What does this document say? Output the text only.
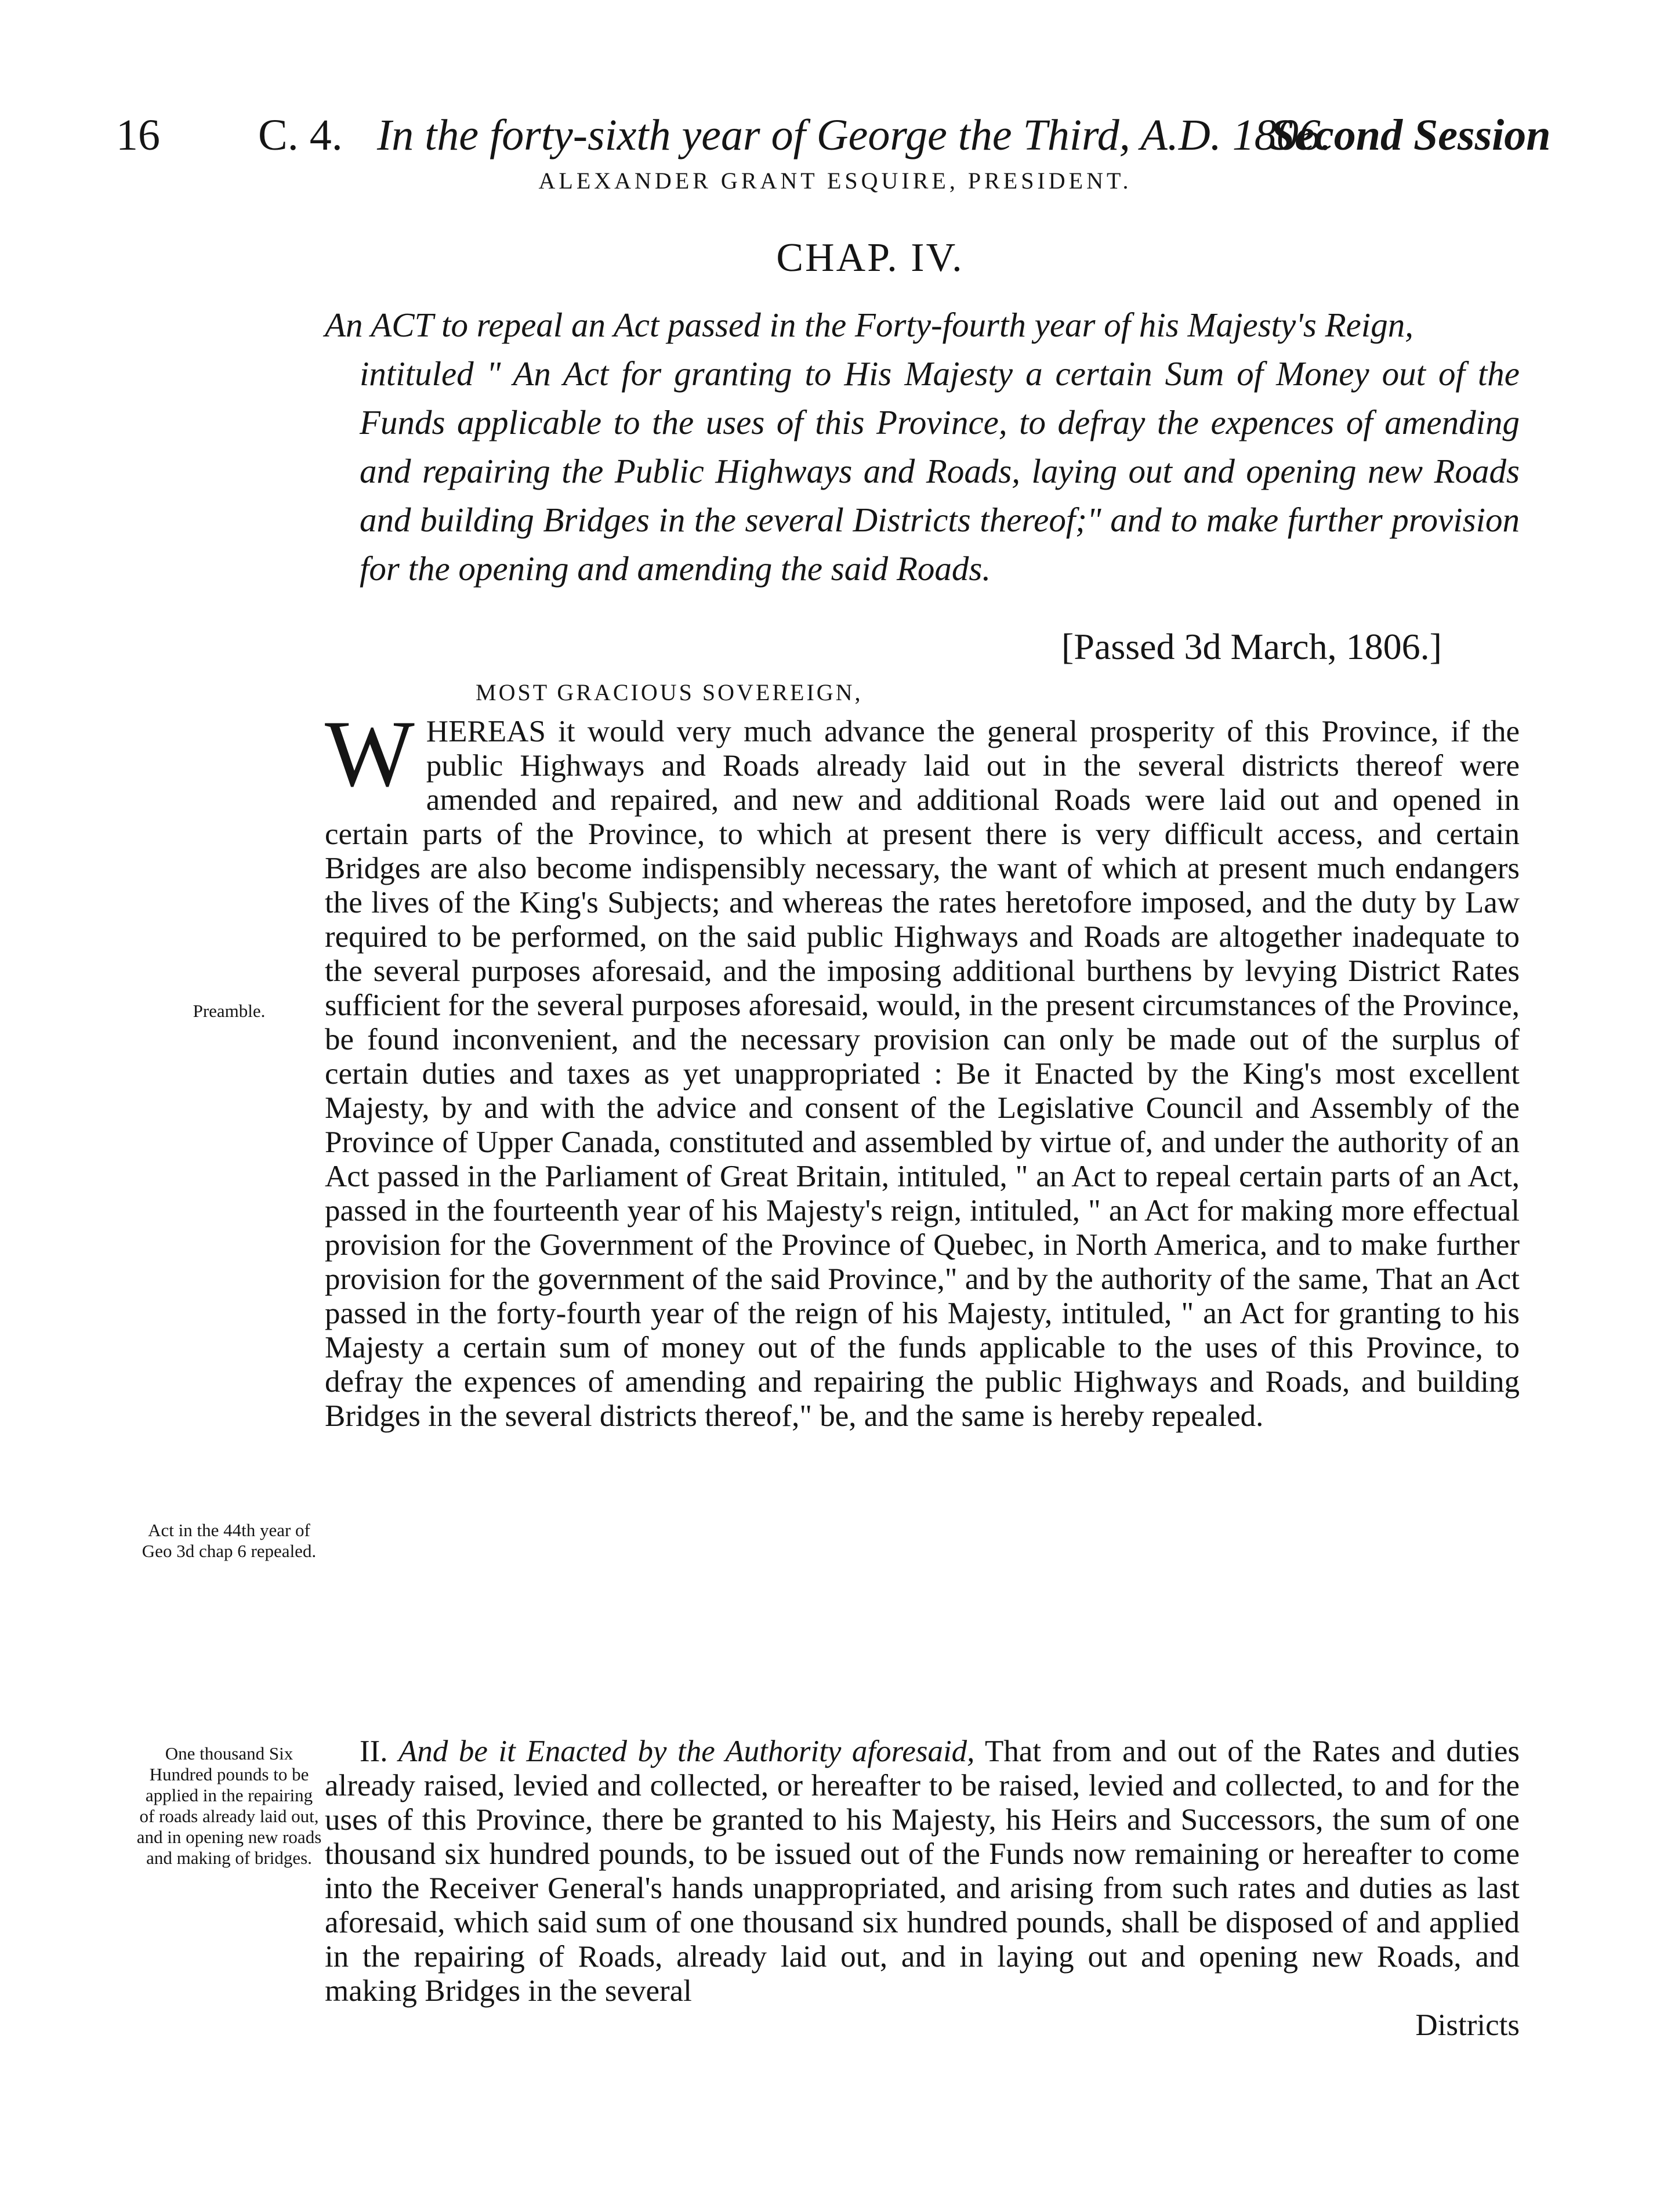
16 C. 4. In the forty-sixth year of George the Third, A.D. 1806.
Second Session
ALEXANDER GRANT ESQUIRE, PRESIDENT.
CHAP. IV.
An ACT to repeal an Act passed in the Forty-fourth year of his Majesty's Reign,
intituled " An Act for granting to His Majesty a certain Sum of Money out of the Funds applicable to the uses of this Province, to defray the expences of amending and repairing the Public Highways and Roads, laying out and opening new Roads and building Bridges in the several Districts thereof;" and to make further provision for the opening and amending the said Roads.
[Passed 3d March, 1806.]
MOST GRACIOUS SOVEREIGN,
WHEREAS it would very much advance the general prosperity of this Province, if the public Highways and Roads already laid out in the several districts thereof were amended and repaired, and new and additional Roads were laid out and opened in certain parts of the Province, to which at present there is very difficult access, and certain Bridges are also become indispensibly necessary, the want of which at present much endangers the lives of the King's Subjects; and whereas the rates heretofore imposed, and the duty by Law required to be performed, on the said public Highways and Roads are altogether inadequate to the several purposes aforesaid, and the imposing additional burthens by levying District Rates sufficient for the several purposes aforesaid, would, in the present circumstances of the Province, be found inconvenient, and the necessary provision can only be made out of the surplus of certain duties and taxes as yet unappropriated : Be it Enacted by the King's most excellent Majesty, by and with the advice and consent of the Legislative Council and Assembly of the Province of Upper Canada, constituted and assembled by virtue of, and under the authority of an Act passed in the Parliament of Great Britain, intituled, " an Act to repeal certain parts of an Act, passed in the fourteenth year of his Majesty's reign, intituled, " an Act for making more effectual provision for the Government of the Province of Quebec, in North America, and to make further provision for the government of the said Province," and by the authority of the same, That an Act passed in the forty-fourth year of the reign of his Majesty, intituled, " an Act for granting to his Majesty a certain sum of money out of the funds applicable to the uses of this Province, to defray the expences of amending and repairing the public Highways and Roads, and building Bridges in the several districts thereof," be, and the same is hereby repealed.
II. And be it Enacted by the Authority aforesaid, That from and out of the Rates and duties already raised, levied and collected, or hereafter to be raised, levied and collected, to and for the uses of this Province, there be granted to his Majesty, his Heirs and Successors, the sum of one thousand six hundred pounds, to be issued out of the Funds now remaining or hereafter to come into the Receiver General's hands unappropriated, and arising from such rates and duties as last aforesaid, which said sum of one thousand six hundred pounds, shall be disposed of and applied in the repairing of Roads, already laid out, and in laying out and opening new Roads, and making Bridges in the several
Districts
Preamble.
Act in the 44th year of Geo 3d chap 6 repealed.
One thousand Six Hundred pounds to be applied in the repairing of roads already laid out, and in opening new roads and making of bridges.
